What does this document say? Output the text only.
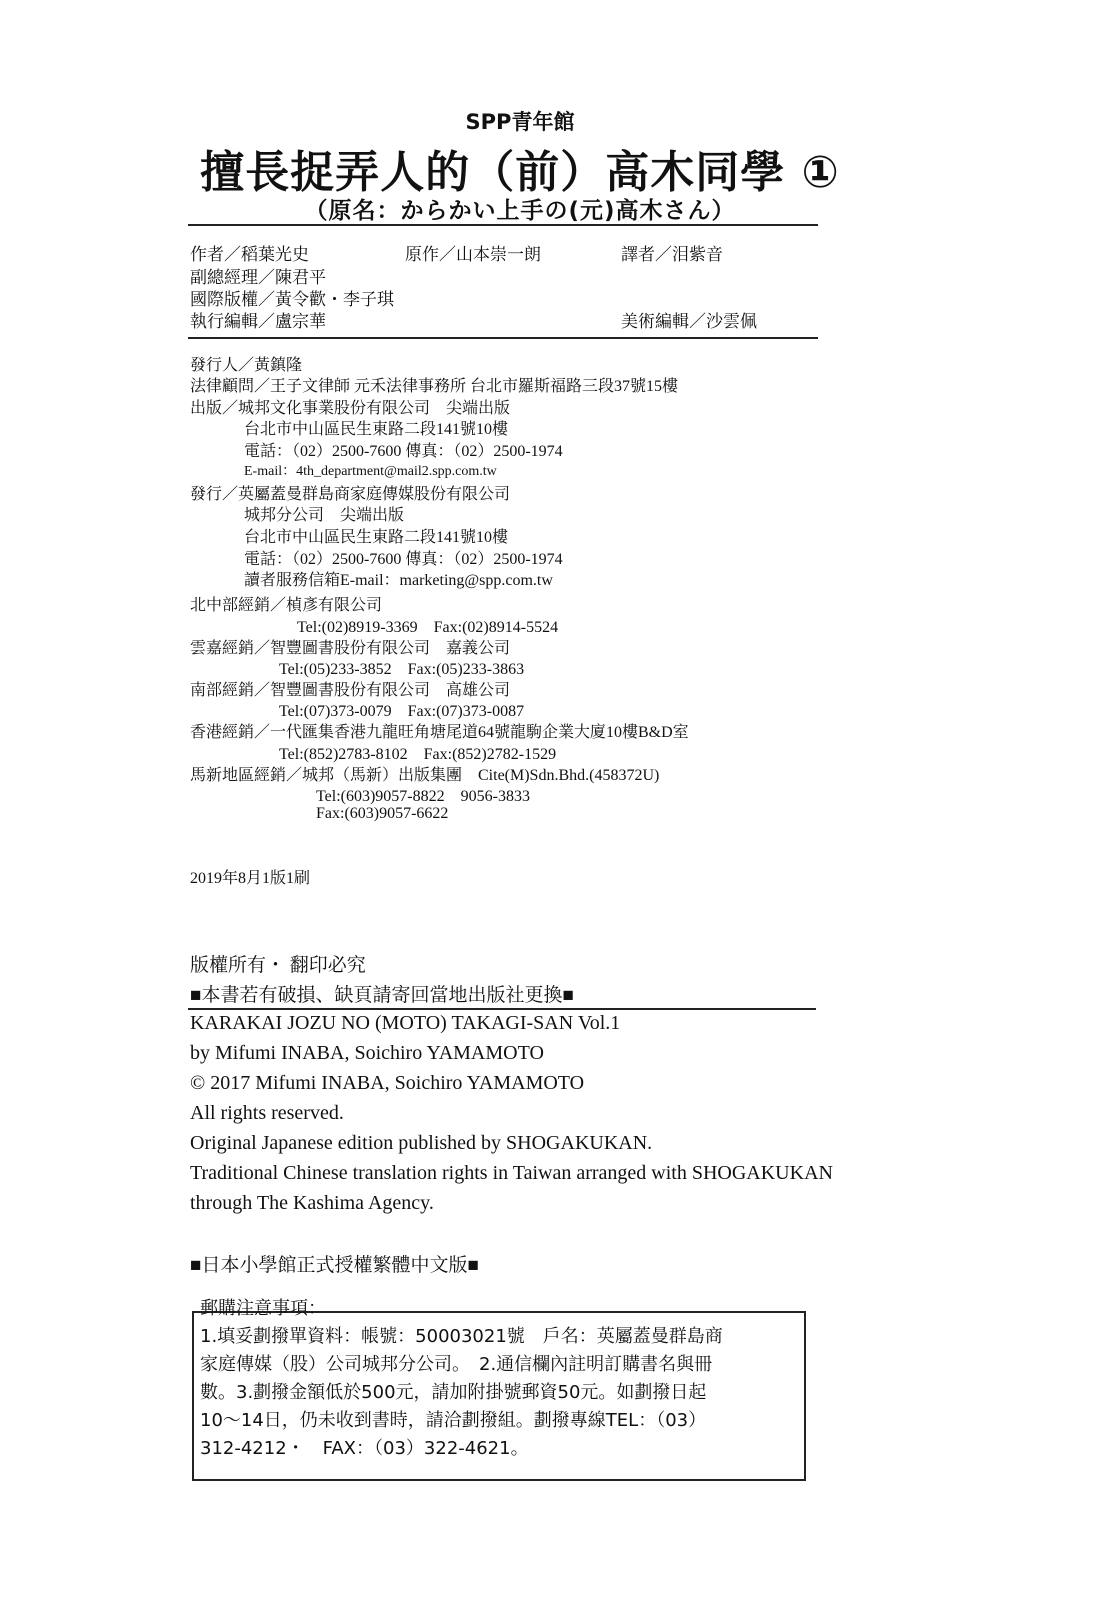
SPP青年館
擅長捉弄人的（前）高木同學 ①
（原名：からかい上手の(元)高木さん）
作者／稻葉光史	原作／山本崇一朗	譯者／泪紫音
副總經理／陳君平
國際版權／黃令歡・李子琪
執行編輯／盧宗華	美術編輯／沙雲佩
發行人／黃鎮隆
法律顧問／王子文律師 元禾法律事務所 台北市羅斯福路三段37號15樓
出版／城邦文化事業股份有限公司　尖端出版
台北市中山區民生東路二段141號10樓
電話：（02）2500-7600 傳真：（02）2500-1974
E-mail：4th_department@mail2.spp.com.tw
發行／英屬蓋曼群島商家庭傳媒股份有限公司
城邦分公司　尖端出版
台北市中山區民生東路二段141號10樓
電話：（02）2500-7600 傳真：（02）2500-1974
讀者服務信箱E-mail：marketing@spp.com.tw
北中部經銷／楨彥有限公司
Tel:(02)8919-3369　Fax:(02)8914-5524
雲嘉經銷／智豐圖書股份有限公司　嘉義公司
Tel:(05)233-3852　Fax:(05)233-3863
南部經銷／智豐圖書股份有限公司　高雄公司
Tel:(07)373-0079　Fax:(07)373-0087
香港經銷／一代匯集香港九龍旺角塘尾道64號龍駒企業大廈10樓B&D室
Tel:(852)2783-8102　Fax:(852)2782-1529
馬新地區經銷／城邦（馬新）出版集團　Cite(M)Sdn.Bhd.(458372U)
Tel:(603)9057-8822　9056-3833
Fax:(603)9057-6622
2019年8月1版1刷
版權所有・ 翻印必究
■本書若有破損、缺頁請寄回當地出版社更換■
KARAKAI JOZU NO (MOTO) TAKAGI-SAN Vol.1
by Mifumi INABA, Soichiro YAMAMOTO
© 2017 Mifumi INABA, Soichiro YAMAMOTO
All rights reserved.
Original Japanese edition published by SHOGAKUKAN.
Traditional Chinese translation rights in Taiwan arranged with SHOGAKUKAN
through The Kashima Agency.
■日本小學館正式授權繁體中文版■
郵購注意事項：
1.填妥劃撥單資料：帳號：50003021號　戶名：英屬蓋曼群島商
家庭傳媒（股）公司城邦分公司。　2.通信欄內註明訂購書名與冊
數。3.劃撥金額低於500元，請加附掛號郵資50元。如劃撥日起
10～14日，仍未收到書時，請洽劃撥組。劃撥專線TEL：（03）
312-4212・　FAX：（03）322-4621。
